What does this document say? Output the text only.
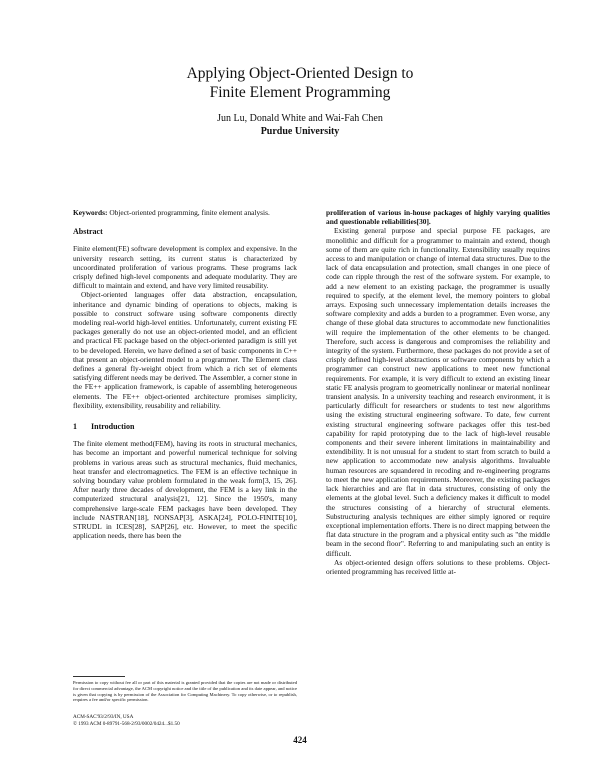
Applying Object-Oriented Design to
Finite Element Programming
Jun Lu, Donald White and Wai-Fah Chen
Purdue University

Keywords: Object-oriented programming, finite element analysis.

Abstract

Finite element(FE) software development is complex and expensive. In the university research setting, its current status is characterized by uncoordinated proliferation of various programs. These programs lack crisply defined high-level components and adequate modularity. They are difficult to maintain and extend, and have very limited reusability.

Object-oriented languages offer data abstraction, encapsulation, inheritance and dynamic binding of operations to objects, making is possible to construct software using software components directly modeling real-world high-level entities. Unfortunately, current existing FE packages generally do not use an object-oriented model, and an efficient and practical FE package based on the object-oriented paradigm is still yet to be developed. Herein, we have defined a set of basic components in C++ that present an object-oriented model to a programmer. The Element class defines a general fly-weight object from which a rich set of elements satisfying different needs may be derived. The Assembler, a corner stone in the FE++ application framework, is capable of assembling heterogeneous elements. The FE++ object-oriented architecture promises simplicity, flexibility, extensibility, reusability and reliability.

1 Introduction

The finite element method(FEM), having its roots in structural mechanics, has become an important and powerful numerical technique for solving problems in various areas such as structural mechanics, fluid mechanics, heat transfer and electromagnetics. The FEM is an effective technique in solving boundary value problem formulated in the weak form[3, 15, 26]. After nearly three decades of development, the FEM is a key link in the computerized structural analysis[21, 12]. Since the 1950's, many comprehensive large-scale FEM packages have been developed. They include NASTRAN[18], NONSAP[3], ASKA[24], POLO-FINITE[10], STRUDL in ICES[28], SAP[26], etc. However, to meet the specific application needs, there has been the

proliferation of various in-house packages of highly varying qualities and questionable reliabilities[30].

Existing general purpose and special purpose FE packages, are monolithic and difficult for a programmer to maintain and extend, though some of them are quite rich in functionality. Extensibility usually requires access to and manipulation or change of internal data structures. Due to the lack of data encapsulation and protection, small changes in one piece of code can ripple through the rest of the software system. For example, to add a new element to an existing package, the programmer is usually required to specify, at the element level, the memory pointers to global arrays. Exposing such unnecessary implementation details increases the software complexity and adds a burden to a programmer. Even worse, any change of these global data structures to accommodate new functionalities will require the implementation of the other elements to be changed. Therefore, such access is dangerous and compromises the reliability and integrity of the system. Furthermore, these packages do not provide a set of crisply defined high-level abstractions or software components by which a programmer can construct new applications to meet new functional requirements. For example, it is very difficult to extend an existing linear static FE analysis program to geometrically nonlinear or material nonlinear transient analysis. In a university teaching and research environment, it is particularly difficult for researchers or students to test new algorithms using the existing structural engineering software. To date, few current existing structural engineering software packages offer this test-bed capability for rapid prototyping due to the lack of high-level reusable components and their severe inherent limitations in maintainability and extendibility. It is not unusual for a student to start from scratch to build a new application to accommodate new analysis algorithms. Invaluable human resources are squandered in recoding and re-engineering programs to meet the new application requirements. Moreover, the existing packages lack hierarchies and are flat in data structures, consisting of only the elements at the global level. Such a deficiency makes it difficult to model the structures consisting of a hierarchy of structural elements. Substructuring analysis techniques are either simply ignored or require exceptional implementation efforts. There is no direct mapping between the flat data structure in the program and a physical entity such as "the middle beam in the second floor". Referring to and manipulating such an entity is difficult.

As object-oriented design offers solutions to these problems. Object-oriented programming has received little at-

Permission to copy without fee all or part of this material is granted provided that the copies are not made or distributed for direct commercial advantage, the ACM copyright notice and the title of the publication and its date appear, and notice is given that copying is by permission of the Association for Computing Machinery. To copy otherwise, or to republish, requires a fee and/or specific permission.

ACM-SAC'93/2/93/IN, USA
© 1993 ACM 0-89791-568-2/93/0002/0424...$1.50
424
